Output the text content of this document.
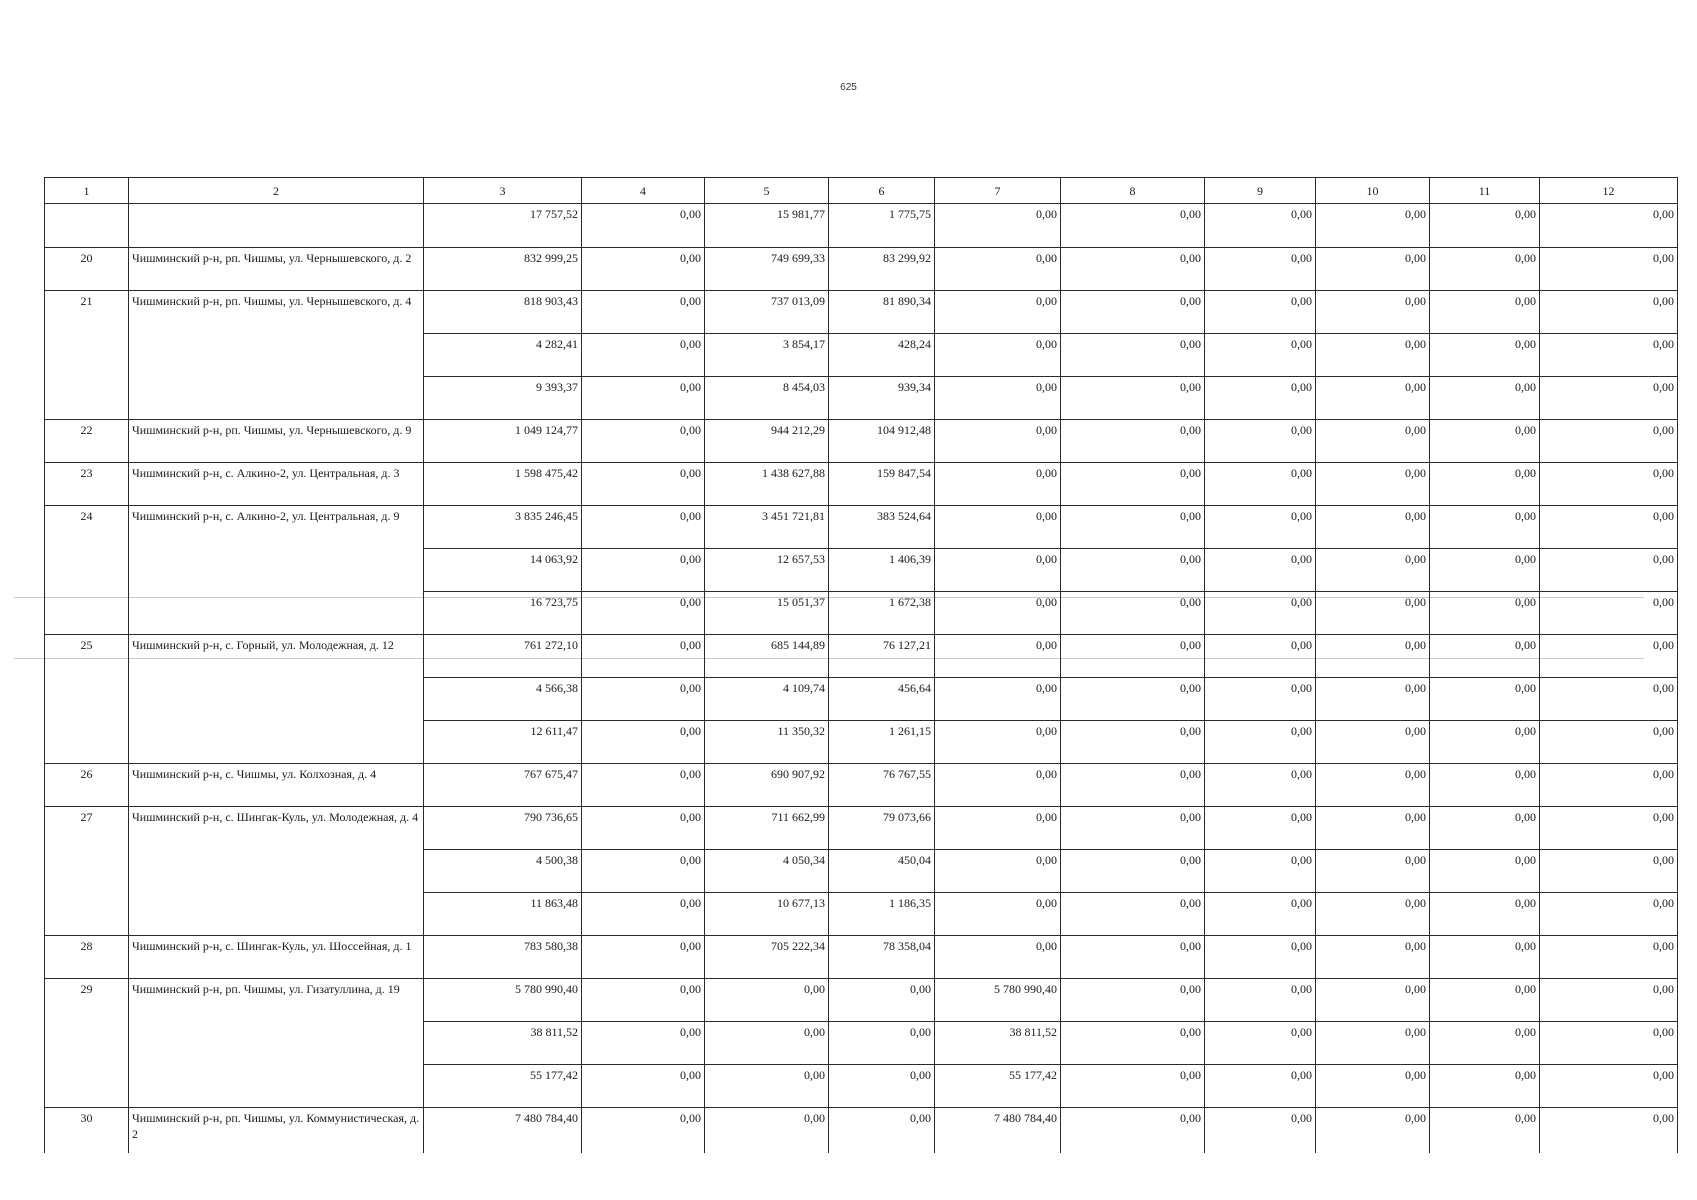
625
1	2	3	4	5	6	7	8	9	10	11	12
		17 757,52	0,00	15 981,77	1 775,75	0,00	0,00	0,00	0,00	0,00	0,00
20	Чишминский р-н, рп. Чишмы, ул. Чернышевского, д. 2	832 999,25	0,00	749 699,33	83 299,92	0,00	0,00	0,00	0,00	0,00	0,00
21	Чишминский р-н, рп. Чишмы, ул. Чернышевского, д. 4	818 903,43	0,00	737 013,09	81 890,34	0,00	0,00	0,00	0,00	0,00	0,00
		4 282,41	0,00	3 854,17	428,24	0,00	0,00	0,00	0,00	0,00	0,00
		9 393,37	0,00	8 454,03	939,34	0,00	0,00	0,00	0,00	0,00	0,00
22	Чишминский р-н, рп. Чишмы, ул. Чернышевского, д. 9	1 049 124,77	0,00	944 212,29	104 912,48	0,00	0,00	0,00	0,00	0,00	0,00
23	Чишминский р-н, с. Алкино-2, ул. Центральная, д. 3	1 598 475,42	0,00	1 438 627,88	159 847,54	0,00	0,00	0,00	0,00	0,00	0,00
24	Чишминский р-н, с. Алкино-2, ул. Центральная, д. 9	3 835 246,45	0,00	3 451 721,81	383 524,64	0,00	0,00	0,00	0,00	0,00	0,00
		14 063,92	0,00	12 657,53	1 406,39	0,00	0,00	0,00	0,00	0,00	0,00
		16 723,75	0,00	15 051,37	1 672,38	0,00	0,00	0,00	0,00	0,00	0,00
25	Чишминский р-н, с. Горный, ул. Молодежная, д. 12	761 272,10	0,00	685 144,89	76 127,21	0,00	0,00	0,00	0,00	0,00	0,00
		4 566,38	0,00	4 109,74	456,64	0,00	0,00	0,00	0,00	0,00	0,00
		12 611,47	0,00	11 350,32	1 261,15	0,00	0,00	0,00	0,00	0,00	0,00
26	Чишминский р-н, с. Чишмы, ул. Колхозная, д. 4	767 675,47	0,00	690 907,92	76 767,55	0,00	0,00	0,00	0,00	0,00	0,00
27	Чишминский р-н, с. Шингак-Куль, ул. Молодежная, д. 4	790 736,65	0,00	711 662,99	79 073,66	0,00	0,00	0,00	0,00	0,00	0,00
		4 500,38	0,00	4 050,34	450,04	0,00	0,00	0,00	0,00	0,00	0,00
		11 863,48	0,00	10 677,13	1 186,35	0,00	0,00	0,00	0,00	0,00	0,00
28	Чишминский р-н, с. Шингак-Куль, ул. Шоссейная, д. 1	783 580,38	0,00	705 222,34	78 358,04	0,00	0,00	0,00	0,00	0,00	0,00
29	Чишминский р-н, рп. Чишмы, ул. Гизатуллина, д. 19	5 780 990,40	0,00	0,00	0,00	5 780 990,40	0,00	0,00	0,00	0,00	0,00
		38 811,52	0,00	0,00	0,00	38 811,52	0,00	0,00	0,00	0,00	0,00
		55 177,42	0,00	0,00	0,00	55 177,42	0,00	0,00	0,00	0,00	0,00
30	Чишминский р-н, рп. Чишмы, ул. Коммунистическая, д. 2	7 480 784,40	0,00	0,00	0,00	7 480 784,40	0,00	0,00	0,00	0,00	0,00
